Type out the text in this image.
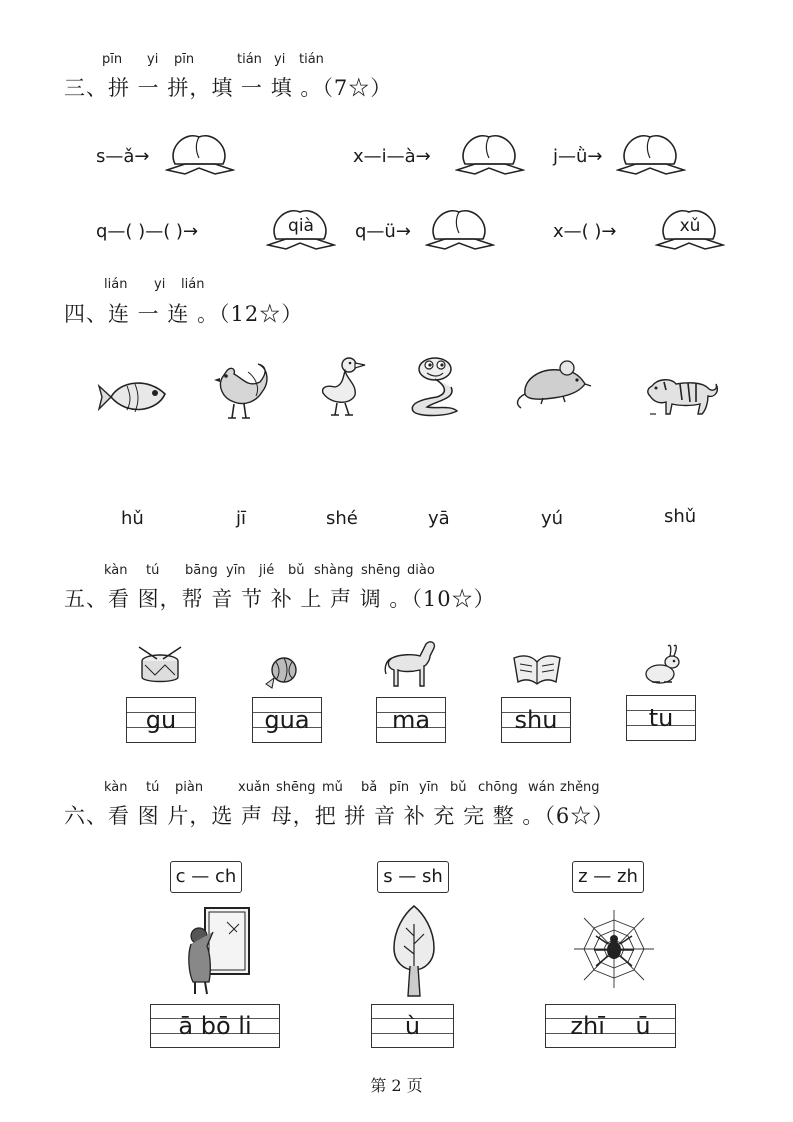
pīn yi pīn	tián yi tián
三、拼 一 拼，填 一 填 。（7☆）
s—ǎ→	x—i—à→	j—ǜ→
q—( )—( )→	qià	q—ü→	x—( )→	xǔ
lián yi lián
四、连 一 连 。（12☆）
hǔ	jī	shé	yā	yú	shǔ
kàn tú bāng yīn jié bǔ shàng shēng diào
五、看 图，帮 音 节 补 上 声 调 。（10☆）
gu	gua	ma	shu	tu
kàn tú piàn	xuǎn shēng mǔ bǎ pīn yīn bǔ chōng wán zhěng
六、看 图 片，选 声 母，把 拼 音 补 充 完 整 。（6☆）
c — ch	s — sh	z — zh
ā bō li	ù	zhī    ū
第 2 页
